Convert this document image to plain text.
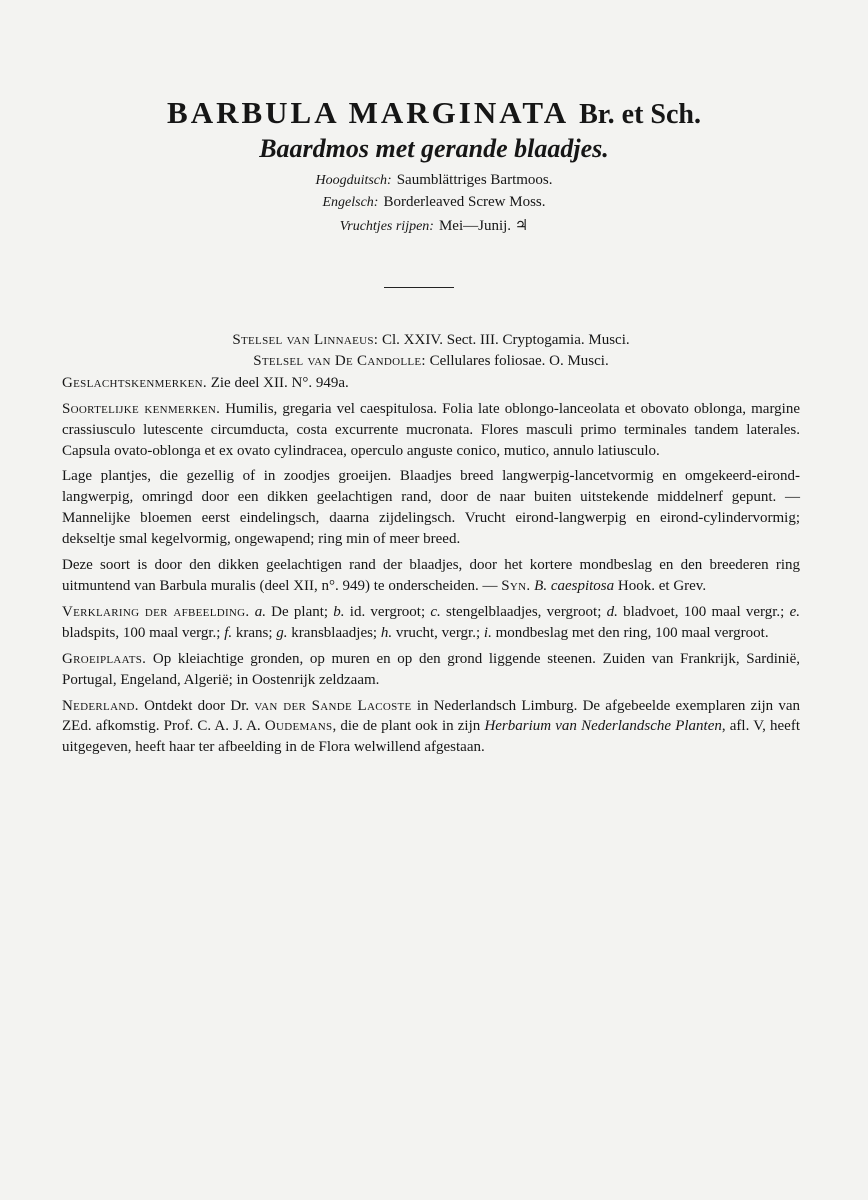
BARBULA MARGINATA Br. et Sch.
Baardmos met gerande blaadjes.
Hoogduitsch: Saumblättriges Bartmoos.
Engelsch: Borderleaved Screw Moss.
Vruchtjes rijpen: Mei—Junij. ♃

Stelsel van Linnaeus: Cl. XXIV. Sect. III. Cryptogamia. Musci.

Stelsel van De Candolle: Cellulares foliosae. O. Musci.

Geslachtskenmerken. Zie deel XII. N°. 949a.

Soortelijke kenmerken. Humilis, gregaria vel caespitulosa. Folia late oblongo-lanceolata et obovato oblonga, margine crassiusculo lutescente circumducta, costa excurrente mucronata. Flores masculi primo terminales tandem laterales. Capsula ovato-oblonga et ex ovato cylindracea, operculo anguste conico, mutico, annulo latiusculo.

Lage plantjes, die gezellig of in zoodjes groeijen. Blaadjes breed langwerpig-lancetvormig en omgekeerd-eirond-langwerpig, omringd door een dikken geelachtigen rand, door de naar buiten uitstekende middelnerf gepunt. — Mannelijke bloemen eerst eindelingsch, daarna zijdelingsch. Vrucht eirond-langwerpig en eirond-cylindervormig; dekseltje smal kegelvormig, ongewapend; ring min of meer breed.

Deze soort is door den dikken geelachtigen rand der blaadjes, door het kortere mondbeslag en den breederen ring uitmuntend van Barbula muralis (deel XII, n°. 949) te onderscheiden. — Syn. B. caespitosa Hook. et Grev.

Verklaring der afbeelding. a. De plant; b. id. vergroot; c. stengelblaadjes, vergroot; d. bladvoet, 100 maal vergr.; e. bladspits, 100 maal vergr.; f. krans; g. kransblaadjes; h. vrucht, vergr.; i. mondbeslag met den ring, 100 maal vergroot.

Groeiplaats. Op kleiachtige gronden, op muren en op den grond liggende steenen. Zuiden van Frankrijk, Sardinië, Portugal, Engeland, Algerië; in Oostenrijk zeldzaam.

Nederland. Ontdekt door Dr. van der Sande Lacoste in Nederlandsch Limburg. De afgebeelde exemplaren zijn van ZEd. afkomstig. Prof. C. A. J. A. Oudemans, die de plant ook in zijn Herbarium van Nederlandsche Planten, afl. V, heeft uitgegeven, heeft haar ter afbeelding in de Flora welwillend afgestaan.
